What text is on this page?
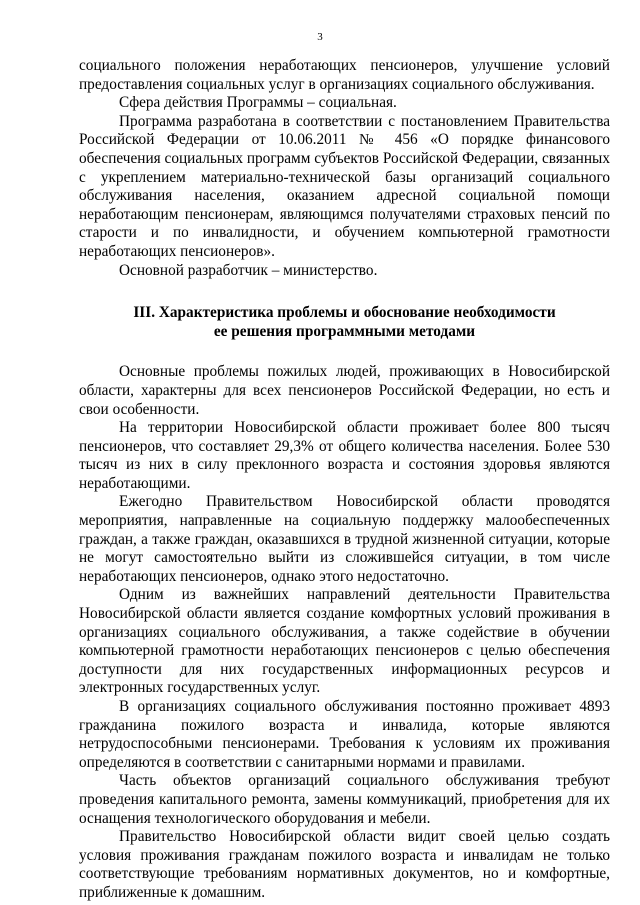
3

социального положения неработающих пенсионеров, улучшение условий предоставления социальных услуг в организациях социального обслуживания.

Сфера действия Программы – социальная.

Программа разработана в соответствии с постановлением Правительства Российской Федерации от 10.06.2011 № 456 «О порядке финансового обеспечения социальных программ субъектов Российской Федерации, связанных с укреплением материально-технической базы организаций социального обслуживания населения, оказанием адресной социальной помощи неработающим пенсионерам, являющимся получателями страховых пенсий по старости и по инвалидности, и обучением компьютерной грамотности неработающих пенсионеров».

Основной разработчик – министерство.

III. Характеристика проблемы и обоснование необходимости
ее решения программными методами

Основные проблемы пожилых людей, проживающих в Новосибирской области, характерны для всех пенсионеров Российской Федерации, но есть и свои особенности.

На территории Новосибирской области проживает более 800 тысяч пенсионеров, что составляет 29,3% от общего количества населения. Более 530 тысяч из них в силу преклонного возраста и состояния здоровья являются неработающими.

Ежегодно Правительством Новосибирской области проводятся мероприятия, направленные на социальную поддержку малообеспеченных граждан, а также граждан, оказавшихся в трудной жизненной ситуации, которые не могут самостоятельно выйти из сложившейся ситуации, в том числе неработающих пенсионеров, однако этого недостаточно.

Одним из важнейших направлений деятельности Правительства Новосибирской области является создание комфортных условий проживания в организациях социального обслуживания, а также содействие в обучении компьютерной грамотности неработающих пенсионеров с целью обеспечения доступности для них государственных информационных ресурсов и электронных государственных услуг.

В организациях социального обслуживания постоянно проживает 4893 гражданина пожилого возраста и инвалида, которые являются нетрудоспособными пенсионерами. Требования к условиям их проживания определяются в соответствии с санитарными нормами и правилами.

Часть объектов организаций социального обслуживания требуют проведения капитального ремонта, замены коммуникаций, приобретения для их оснащения технологического оборудования и мебели.

Правительство Новосибирской области видит своей целью создать условия проживания гражданам пожилого возраста и инвалидам не только соответствующие требованиям нормативных документов, но и комфортные, приближенные к домашним.
